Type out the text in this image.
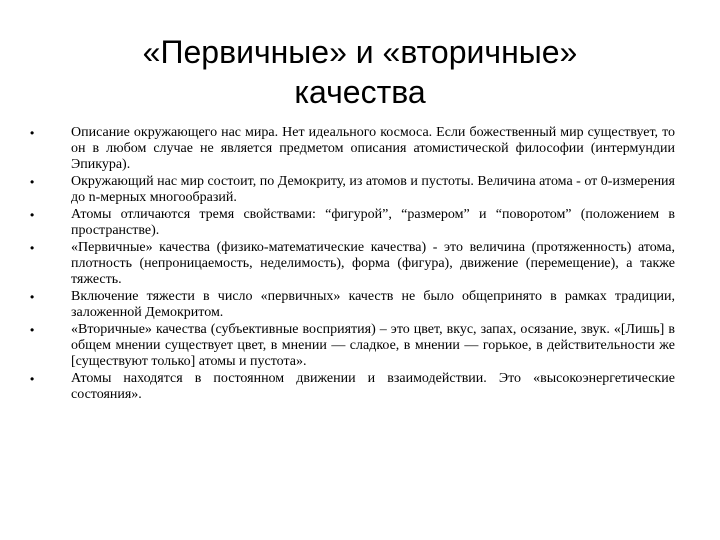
«Первичные» и «вторичные»
качества
•	Описание окружающего нас мира. Нет идеального космоса. Если божественный мир существует, то он в любом случае не является предметом описания атомистической философии (интермундии Эпикура).
•	Окружающий нас мир состоит, по Демокриту, из атомов и пустоты. Величина атома - от 0-измерения до n-мерных многообразий.
•	Атомы отличаются тремя свойствами: “фигурой”, “размером” и “поворотом” (положением в пространстве).
•	«Первичные» качества (физико-математические качества) - это величина (протяженность) атома, плотность (непроницаемость, неделимость), форма (фигура), движение (перемещение), а также тяжесть.
•	Включение тяжести в число «первичных» качеств не было общепринято в рамках традиции, заложенной Демокритом.
•	«Вторичные» качества (субъективные восприятия) – это цвет, вкус, запах, осязание, звук. «[Лишь] в общем мнении существует цвет, в мнении — сладкое, в мнении — горькое, в действительности же [существуют только] атомы и пустота».
•	Атомы находятся в постоянном движении и взаимодействии. Это «высокоэнергетические состояния».
